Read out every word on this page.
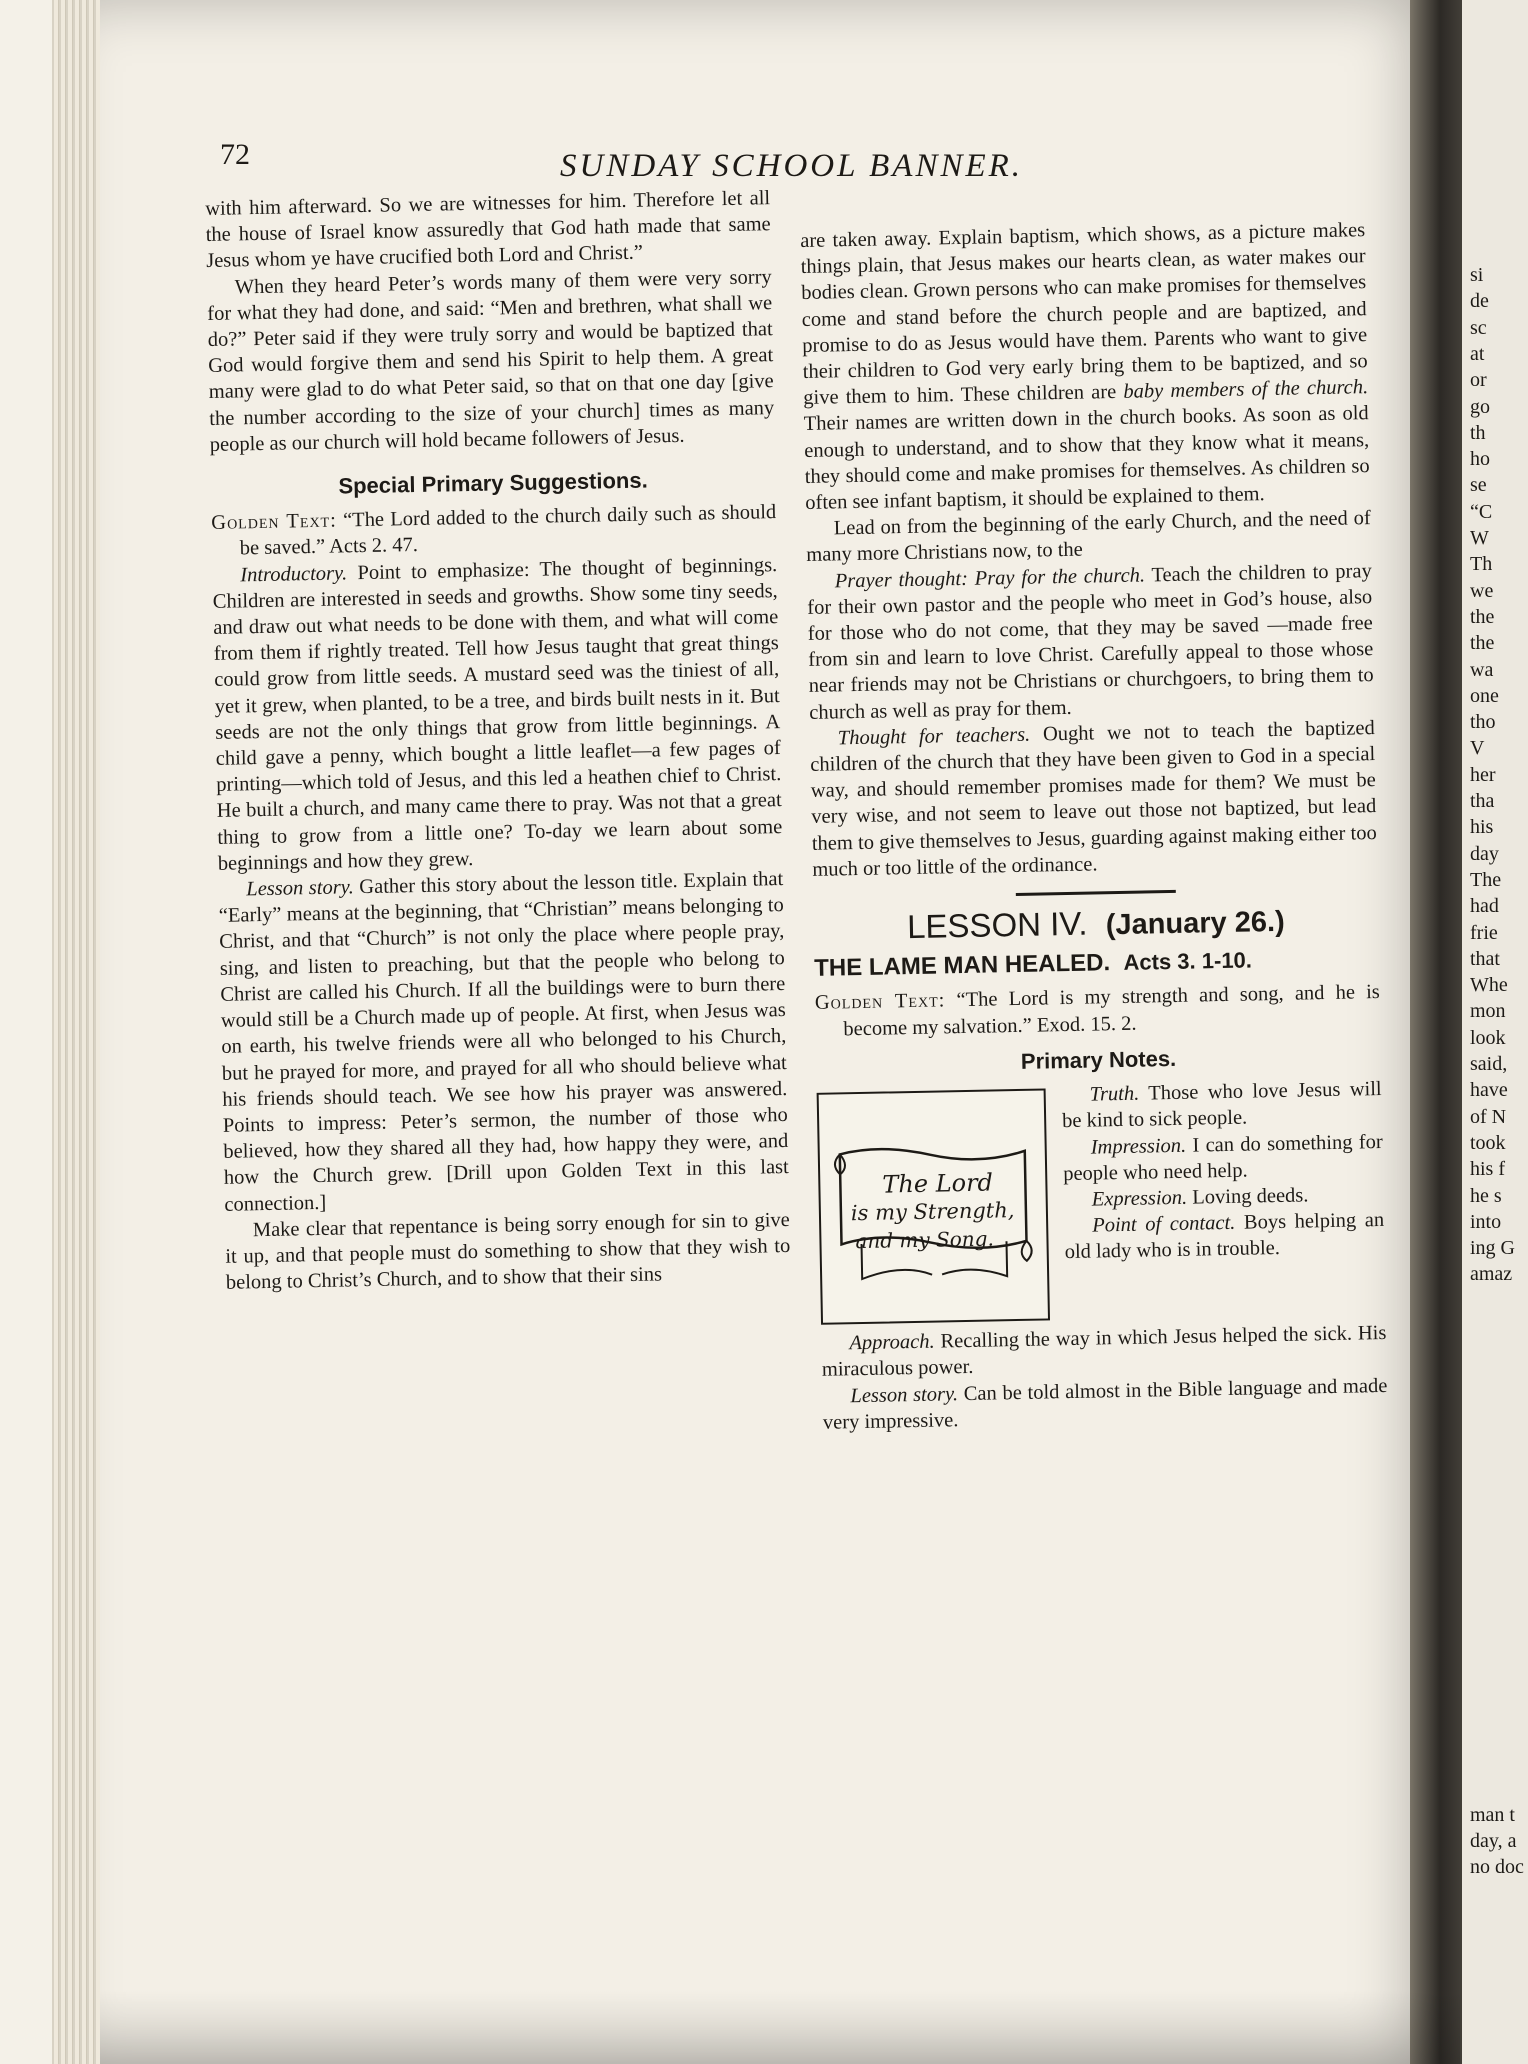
si
de
sc
at
or
go
th
ho
se
“C
W
Th
we
the
the
wa
one
tho
V
her
tha
his
day
The
had
frie
that
Whe
mon
look
said,
have
of N
took
his f
he s
into
ing G
amaz
man t
day, a
no doc
72	SUNDAY SCHOOL BANNER.

with him afterward. So we are witnesses for him. Therefore let all the house of Israel know assuredly that God hath made that same Jesus whom ye have crucified both Lord and Christ.”

When they heard Peter’s words many of them were very sorry for what they had done, and said: “Men and brethren, what shall we do?” Peter said if they were truly sorry and would be baptized that God would forgive them and send his Spirit to help them. A great many were glad to do what Peter said, so that on that one day [give the number according to the size of your church] times as many people as our church will hold became followers of Jesus.

Special Primary Suggestions.

Golden Text: “The Lord added to the church daily such as should be saved.” Acts 2. 47.

Introductory. Point to emphasize: The thought of beginnings. Children are interested in seeds and growths. Show some tiny seeds, and draw out what needs to be done with them, and what will come from them if rightly treated. Tell how Jesus taught that great things could grow from little seeds. A mustard seed was the tiniest of all, yet it grew, when planted, to be a tree, and birds built nests in it. But seeds are not the only things that grow from little beginnings. A child gave a penny, which bought a little leaflet—a few pages of printing—which told of Jesus, and this led a heathen chief to Christ. He built a church, and many came there to pray. Was not that a great thing to grow from a little one? To-day we learn about some beginnings and how they grew.

Lesson story. Gather this story about the lesson title. Explain that “Early” means at the beginning, that “Christian” means belonging to Christ, and that “Church” is not only the place where people pray, sing, and listen to preaching, but that the people who belong to Christ are called his Church. If all the buildings were to burn there would still be a Church made up of people. At first, when Jesus was on earth, his twelve friends were all who belonged to his Church, but he prayed for more, and prayed for all who should believe what his friends should teach. We see how his prayer was answered. Points to impress: Peter’s sermon, the number of those who believed, how they shared all they had, how happy they were, and how the Church grew. [Drill upon Golden Text in this last connection.]

Make clear that repentance is being sorry enough for sin to give it up, and that people must do something to show that they wish to belong to Christ’s Church, and to show that their sins

are taken away. Explain baptism, which shows, as a picture makes things plain, that Jesus makes our hearts clean, as water makes our bodies clean. Grown persons who can make promises for themselves come and stand before the church people and are baptized, and promise to do as Jesus would have them. Parents who want to give their children to God very early bring them to be baptized, and so give them to him. These children are baby members of the church. Their names are written down in the church books. As soon as old enough to understand, and to show that they know what it means, they should come and make promises for themselves. As children so often see infant baptism, it should be explained to them.

Lead on from the beginning of the early Church, and the need of many more Christians now, to the

Prayer thought: Pray for the church. Teach the children to pray for their own pastor and the people who meet in God’s house, also for those who do not come, that they may be saved —made free from sin and learn to love Christ. Carefully appeal to those whose near friends may not be Christians or churchgoers, to bring them to church as well as pray for them.

Thought for teachers. Ought we not to teach the baptized children of the church that they have been given to God in a special way, and should remember promises made for them? We must be very wise, and not seem to leave out those not baptized, but lead them to give themselves to Jesus, guarding against making either too much or too little of the ordinance.

LESSON IV. (January 26.)
THE LAME MAN HEALED. Acts 3. 1-10.

Golden Text: “The Lord is my strength and song, and he is become my salvation.” Exod. 15. 2.

Primary Notes.
The Lord
is my Strength,
and my Song.

Truth. Those who love Jesus will be kind to sick people.

Impression. I can do something for people who need help.

Expression. Loving deeds.

Point of contact. Boys helping an old lady who is in trouble.

Approach. Recalling the way in which Jesus helped the sick. His miraculous power.

Lesson story. Can be told almost in the Bible language and made very impressive.
